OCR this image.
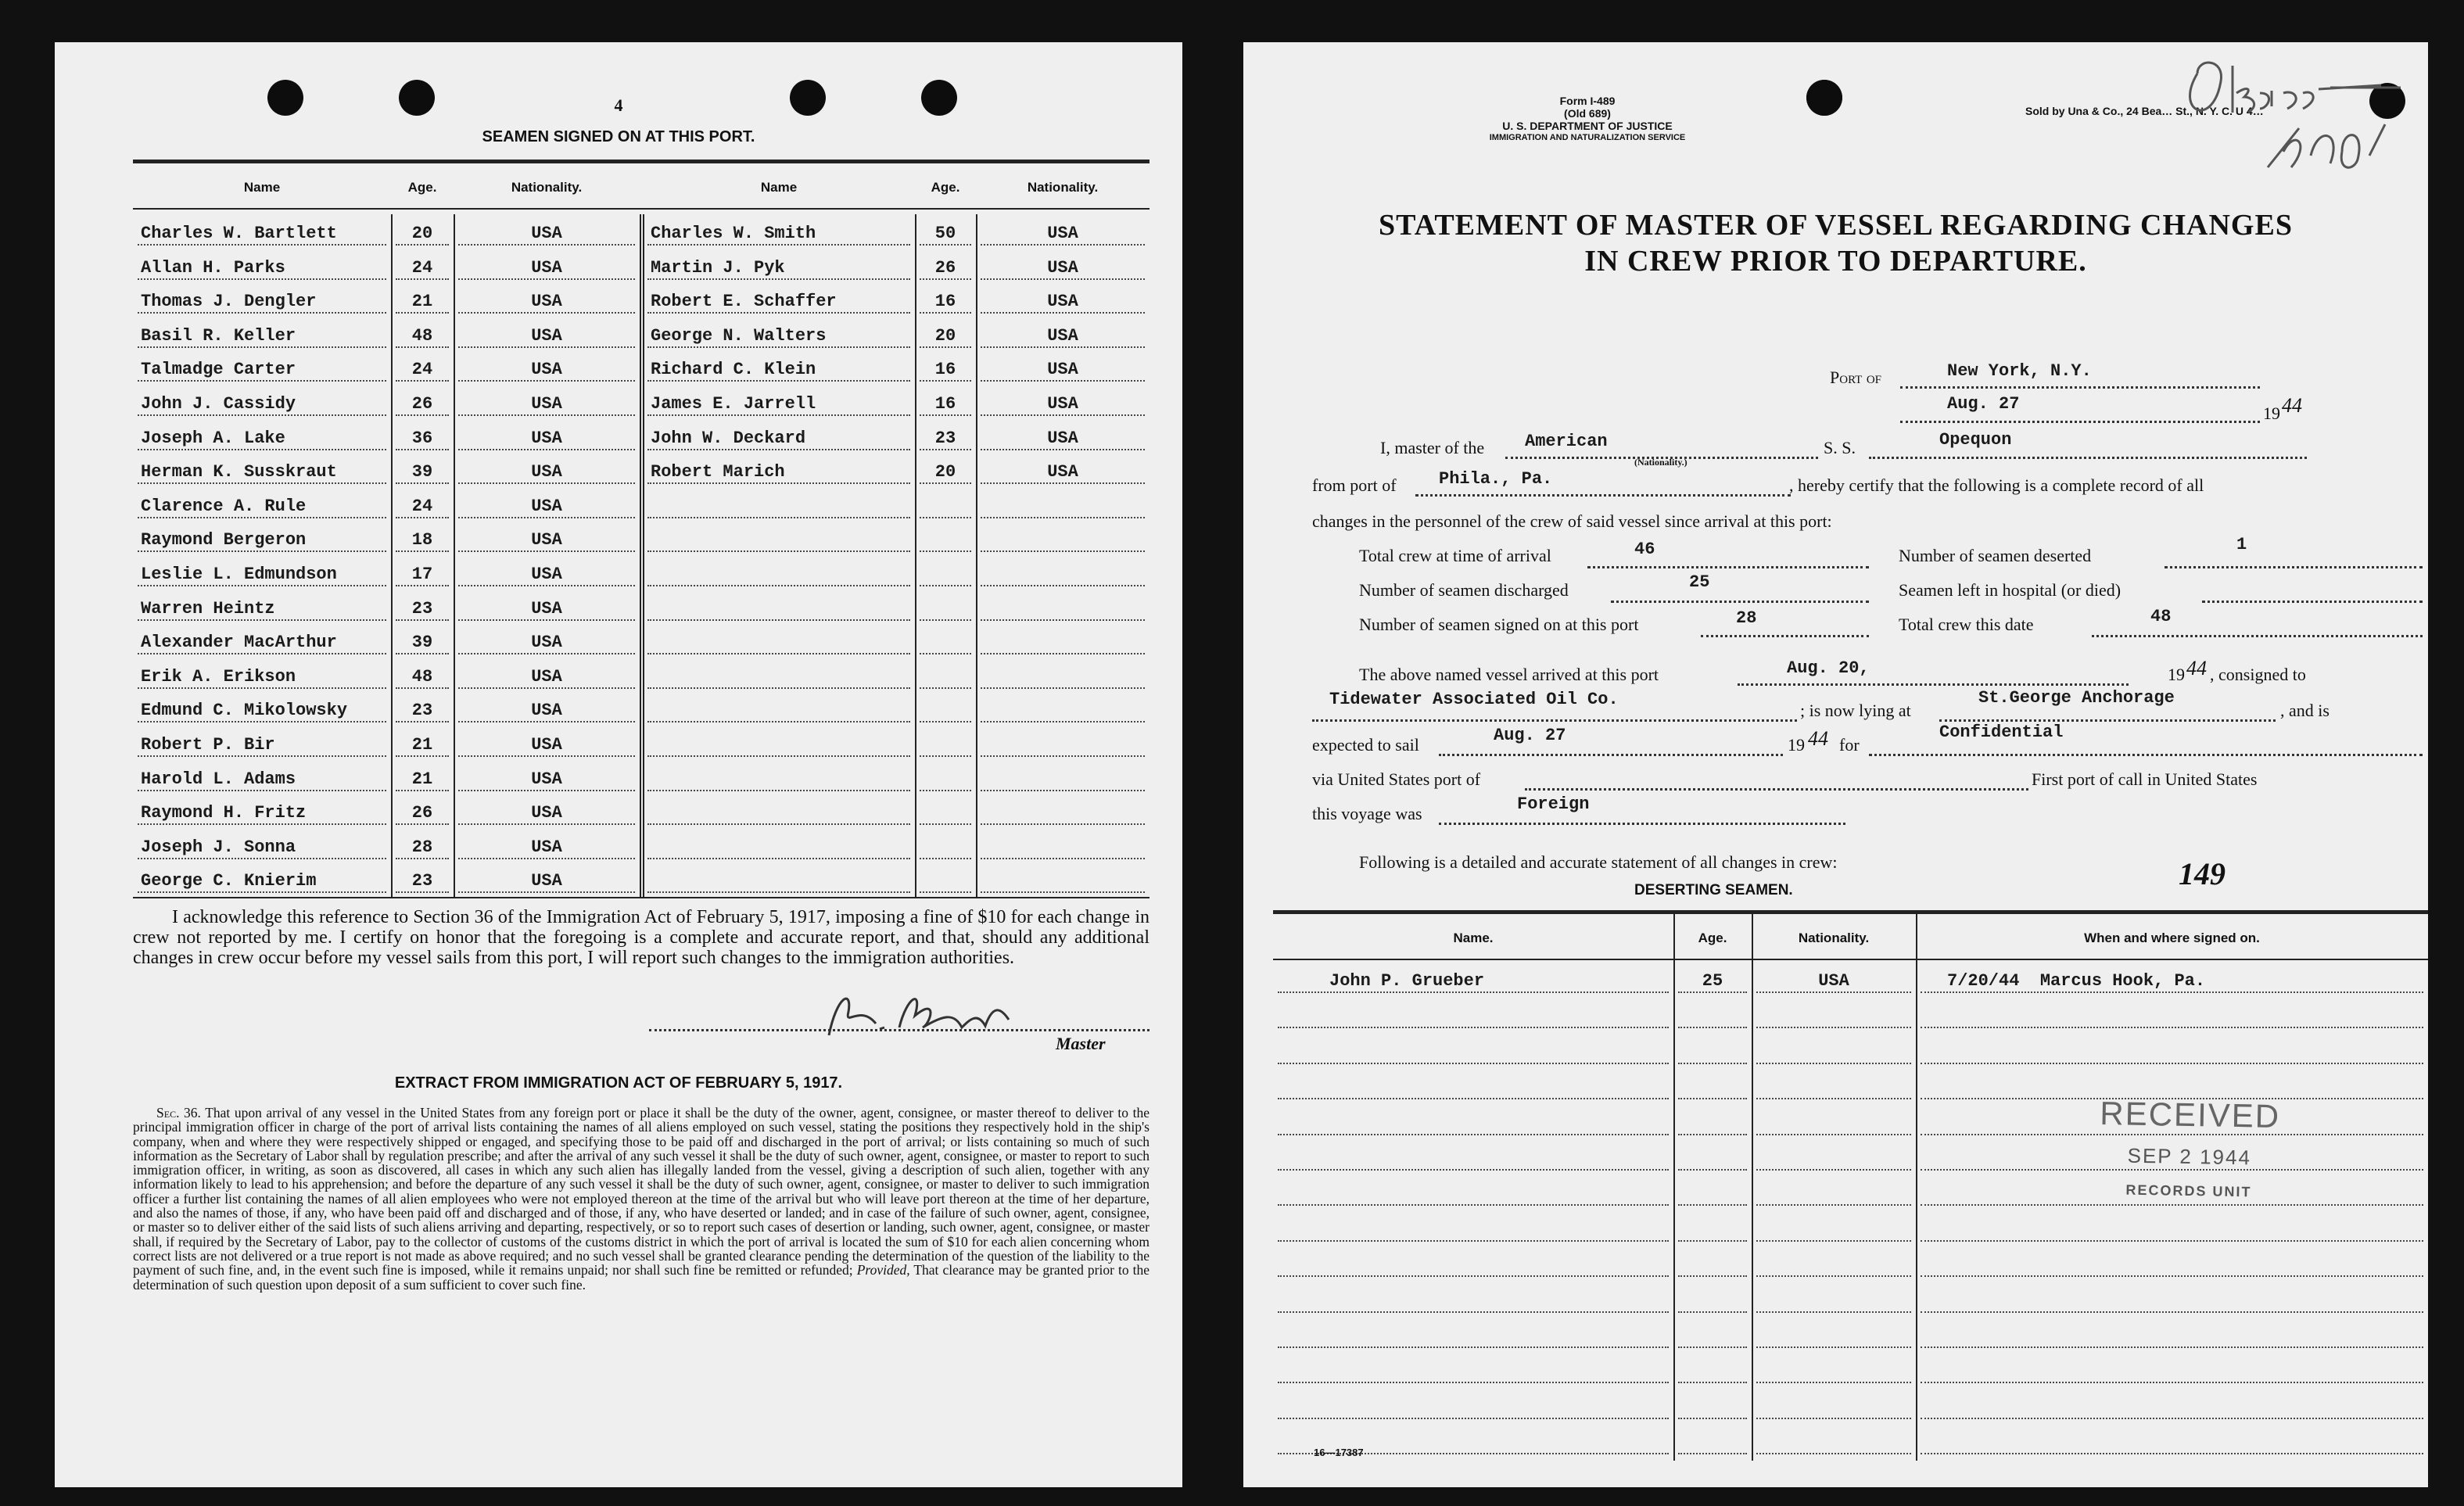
4
SEAMEN SIGNED ON AT THIS PORT.
Name	Age.	Nationality.	Name	Age.	Nationality.
Charles W. Bartlett	20	USA	Charles W. Smith	50	USA
Allan H. Parks	24	USA	Martin J. Pyk	26	USA
Thomas J. Dengler	21	USA	Robert E. Schaffer	16	USA
Basil R. Keller	48	USA	George N. Walters	20	USA
Talmadge Carter	24	USA	Richard C. Klein	16	USA
John J. Cassidy	26	USA	James E. Jarrell	16	USA
Joseph A. Lake	36	USA	John W. Deckard	23	USA
Herman K. Susskraut	39	USA	Robert Marich	20	USA
Clarence A. Rule	24	USA
Raymond Bergeron	18	USA
Leslie L. Edmundson	17	USA
Warren Heintz	23	USA
Alexander MacArthur	39	USA
Erik A. Erikson	48	USA
Edmund C. Mikolowsky	23	USA
Robert P. Bir	21	USA
Harold L. Adams	21	USA
Raymond H. Fritz	26	USA
Joseph J. Sonna	28	USA
George C. Knierim	23	USA
I acknowledge this reference to Section 36 of the Immigration Act of February 5, 1917, imposing a fine of $10 for each change in crew not reported by me. I certify on honor that the foregoing is a complete and accurate report, and that, should any additional changes in crew occur before my vessel sails from this port, I will report such changes to the immigration authorities.
Master
EXTRACT FROM IMMIGRATION ACT OF FEBRUARY 5, 1917.
Sec. 36. That upon arrival of any vessel in the United States from any foreign port or place it shall be the duty of the owner, agent, consignee, or master thereof to deliver to the principal immigration officer in charge of the port of arrival lists containing the names of all aliens employed on such vessel, stating the positions they respectively hold in the ship's company, when and where they were respectively shipped or engaged, and specifying those to be paid off and discharged in the port of arrival; or lists containing so much of such information as the Secretary of Labor shall by regulation prescribe; and after the arrival of any such vessel it shall be the duty of such owner, agent, consignee, or master to report to such immigration officer, in writing, as soon as discovered, all cases in which any such alien has illegally landed from the vessel, giving a description of such alien, together with any information likely to lead to his apprehension; and before the departure of any such vessel it shall be the duty of such owner, agent, consignee, or master to deliver to such immigration officer a further list containing the names of all alien employees who were not employed thereon at the time of the arrival but who will leave port thereon at the time of her departure, and also the names of those, if any, who have been paid off and discharged and of those, if any, who have deserted or landed; and in case of the failure of such owner, agent, consignee, or master so to deliver either of the said lists of such aliens arriving and departing, respectively, or so to report such cases of desertion or landing, such owner, agent, consignee, or master shall, if required by the Secretary of Labor, pay to the collector of customs of the customs district in which the port of arrival is located the sum of $10 for each alien concerning whom correct lists are not delivered or a true report is not made as above required; and no such vessel shall be granted clearance pending the determination of the question of the liability to the payment of such fine, and, in the event such fine is imposed, while it remains unpaid; nor shall such fine be remitted or refunded; Provided, That clearance may be granted prior to the determination of such question upon deposit of a sum sufficient to cover such fine.
Form I-489
(Old 689)
U. S. DEPARTMENT OF JUSTICE
IMMIGRATION AND NATURALIZATION SERVICE
Sold by Una & Co., 24 Bea… St., N. Y. C. U 4…
STATEMENT OF MASTER OF VESSEL REGARDING CHANGES
IN CREW PRIOR TO DEPARTURE.
Port of	New York, N.Y.
Aug. 27	19 44
I, master of the American
(Nationality.)
S. S.	Opequon
from port of Phila., Pa.	, hereby certify that the following is a complete record of all
changes in the personnel of the crew of said vessel since arrival at this port:
Total crew at time of arrival	46	Number of seamen deserted
1
Number of seamen discharged	25	Seamen left in hospital (or died)
Number of seamen signed on at this port	28	Total crew this date	48
The above named vessel arrived at this port	Aug. 20,	19 44 , consigned to
Tidewater Associated Oil Co.
; is now lying at
St.George Anchorage
, and is
expected to sail	Aug. 27	19 44 for
Confidential
via United States port of	First port of call in United States
this voyage was	Foreign
Following is a detailed and accurate statement of all changes in crew:	149
DESERTING SEAMEN.
Name.	Age.	Nationality.	When and where signed on.
John P. Grueber	25	USA	7/20/44  Marcus Hook, Pa.
RECEIVED
SEP 2 1944
RECORDS UNIT
16—17387
